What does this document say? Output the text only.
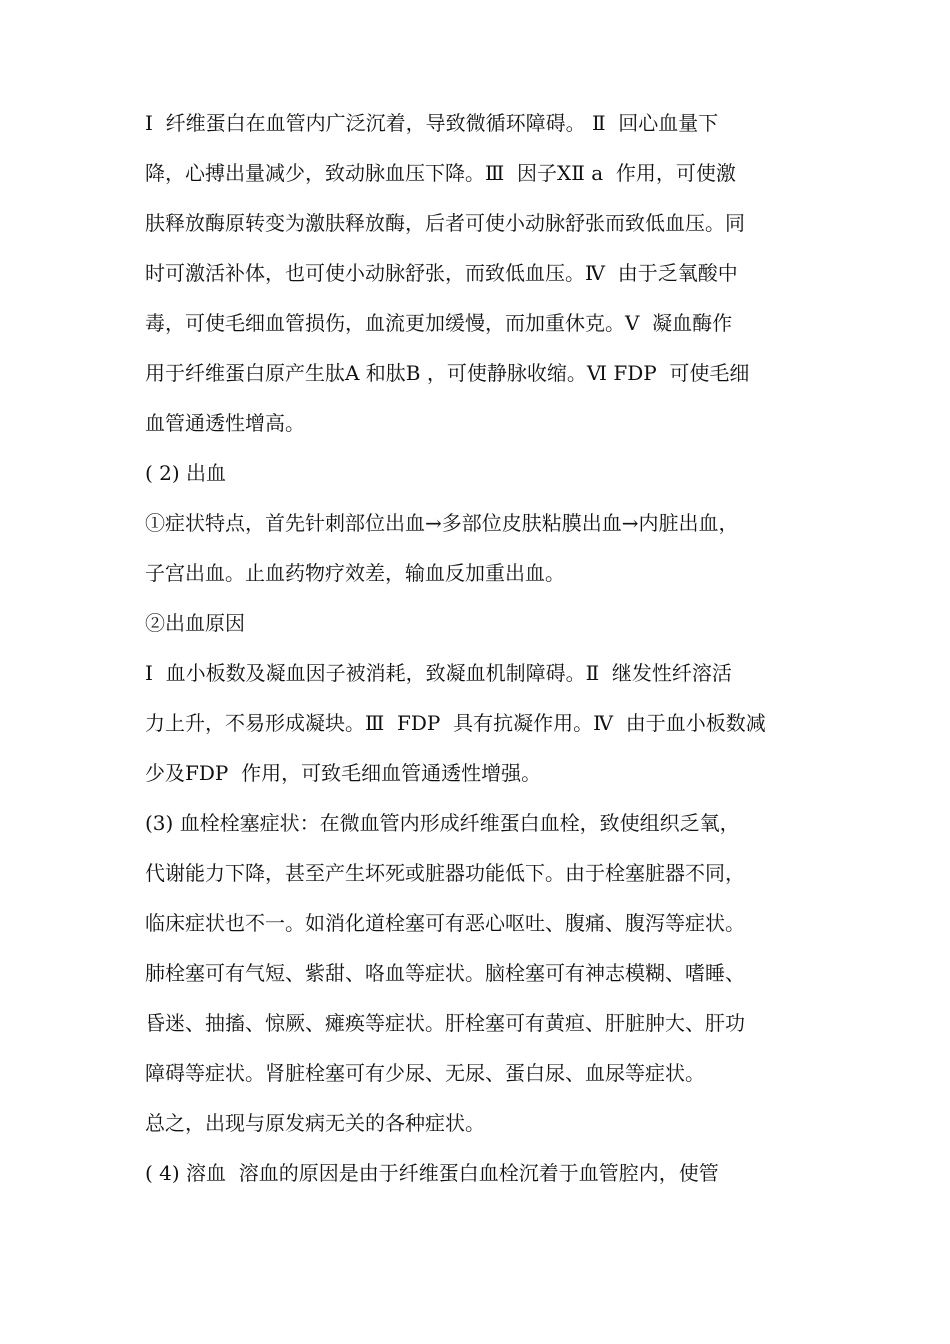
Ⅰ  纤维蛋白在血管内广泛沉着，导致微循环障碍。 Ⅱ  回心血量下
降，心搏出量减少，致动脉血压下降。Ⅲ  因子ⅩⅡ a  作用，可使激
肤释放酶原转变为激肤释放酶，后者可使小动脉舒张而致低血压。同
时可激活补体，也可使小动脉舒张，而致低血压。Ⅳ  由于乏氧酸中
毒，可使毛细血管损伤，血流更加缓慢，而加重休克。Ⅴ  凝血酶作
用于纤维蛋白原产生肽A 和肽B ，可使静脉收缩。Ⅵ FDP  可使毛细
血管通透性增高。
( 2) 出血
①症状特点，首先针刺部位出血→多部位皮肤粘膜出血→内脏出血，
子宫出血。止血药物疗效差，输血反加重出血。
②出血原因
Ⅰ  血小板数及凝血因子被消耗，致凝血机制障碍。Ⅱ  继发性纤溶活
力上升，不易形成凝块。Ⅲ  FDP  具有抗凝作用。Ⅳ  由于血小板数减
少及FDP  作用，可致毛细血管通透性增强。
(3) 血栓栓塞症状：在微血管内形成纤维蛋白血栓，致使组织乏氧，
代谢能力下降，甚至产生坏死或脏器功能低下。由于栓塞脏器不同，
临床症状也不一。如消化道栓塞可有恶心呕吐、腹痛、腹泻等症状。
肺栓塞可有气短、紫甜、咯血等症状。脑栓塞可有神志模糊、嗜睡、
昏迷、抽搐、惊厥、瘫痪等症状。肝栓塞可有黄疸、肝脏肿大、肝功
障碍等症状。肾脏栓塞可有少尿、无尿、蛋白尿、血尿等症状。
总之，出现与原发病无关的各种症状。
( 4) 溶血  溶血的原因是由于纤维蛋白血栓沉着于血管腔内，使管
